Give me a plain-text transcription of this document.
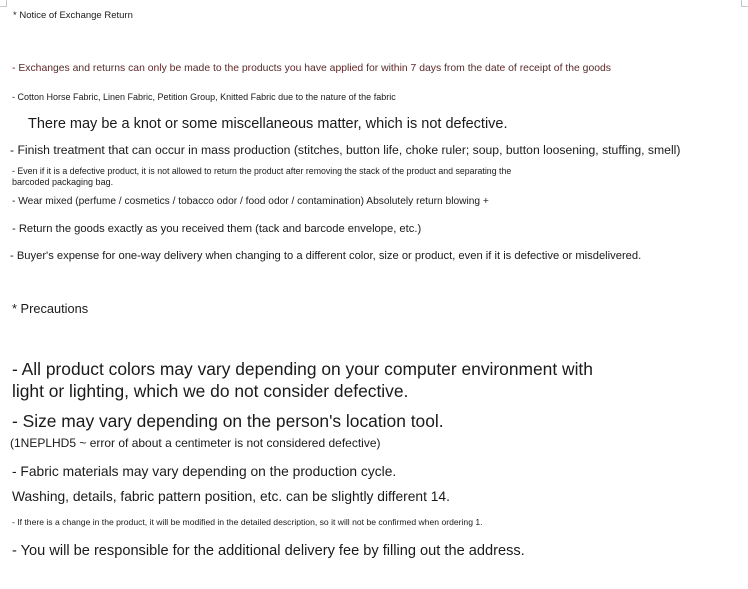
* Notice of Exchange Return
- Exchanges and returns can only be made to the products you have applied for within 7 days from the date of receipt of the goods
- Cotton Horse Fabric, Linen Fabric, Petition Group, Knitted Fabric due to the nature of the fabric
There may be a knot or some miscellaneous matter, which is not defective.
- Finish treatment that can occur in mass production (stitches, button life, choke ruler; soup, button loosening, stuffing, smell)
- Even if it is a defective product, it is not allowed to return the product after removing the stack of the product and separating the
barcoded packaging bag.
- Wear mixed (perfume / cosmetics / tobacco odor / food odor / contamination) Absolutely return blowing +
- Return the goods exactly as you received them (tack and barcode envelope, etc.)
- Buyer's expense for one-way delivery when changing to a different color, size or product, even if it is defective or misdelivered.
* Precautions
- All product colors may vary depending on your computer environment with
light or lighting, which we do not consider defective.
- Size may vary depending on the person's location tool.
(1NEPLHD5 ~ error of about a centimeter is not considered defective)
- Fabric materials may vary depending on the production cycle.
Washing, details, fabric pattern position, etc. can be slightly different 14.
- If there is a change in the product, it will be modified in the detailed description, so it will not be confirmed when ordering 1.
- You will be responsible for the additional delivery fee by filling out the address.
